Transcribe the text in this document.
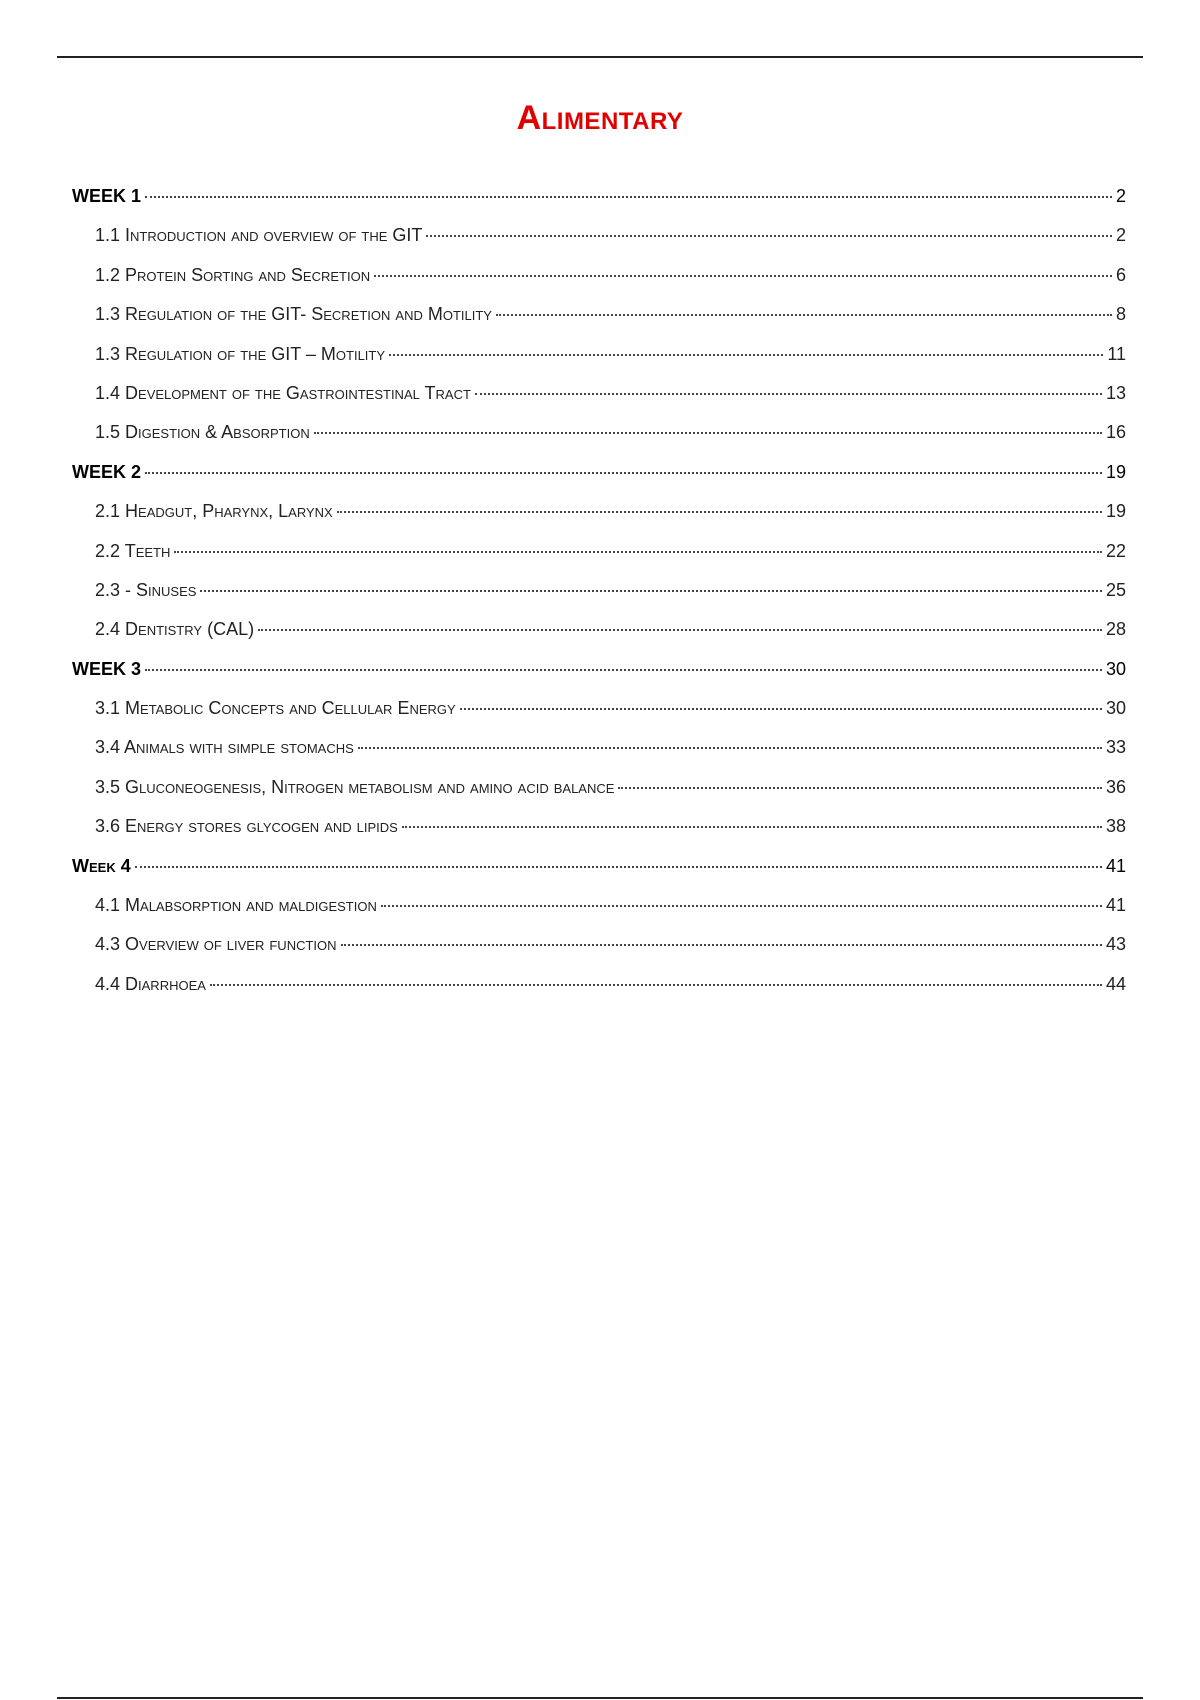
Alimentary
WEEK 1	2
1.1 Introduction and overview of the GIT	2
1.2 Protein Sorting and Secretion	6
1.3 Regulation of the GIT- Secretion and Motility	8
1.3 Regulation of the GIT – Motility	11
1.4 Development of the Gastrointestinal Tract	13
1.5 Digestion & Absorption	16
WEEK 2	19
2.1 Headgut, Pharynx, Larynx	19
2.2 Teeth	22
2.3 - Sinuses	25
2.4 Dentistry (CAL)	28
WEEK 3	30
3.1 Metabolic Concepts and Cellular Energy	30
3.4 Animals with simple stomachs	33
3.5 Gluconeogenesis, Nitrogen metabolism and amino acid balance	36
3.6 Energy stores glycogen and lipids	38
Week 4	41
4.1 Malabsorption and maldigestion	41
4.3 Overview of liver function	43
4.4 Diarrhoea	44
